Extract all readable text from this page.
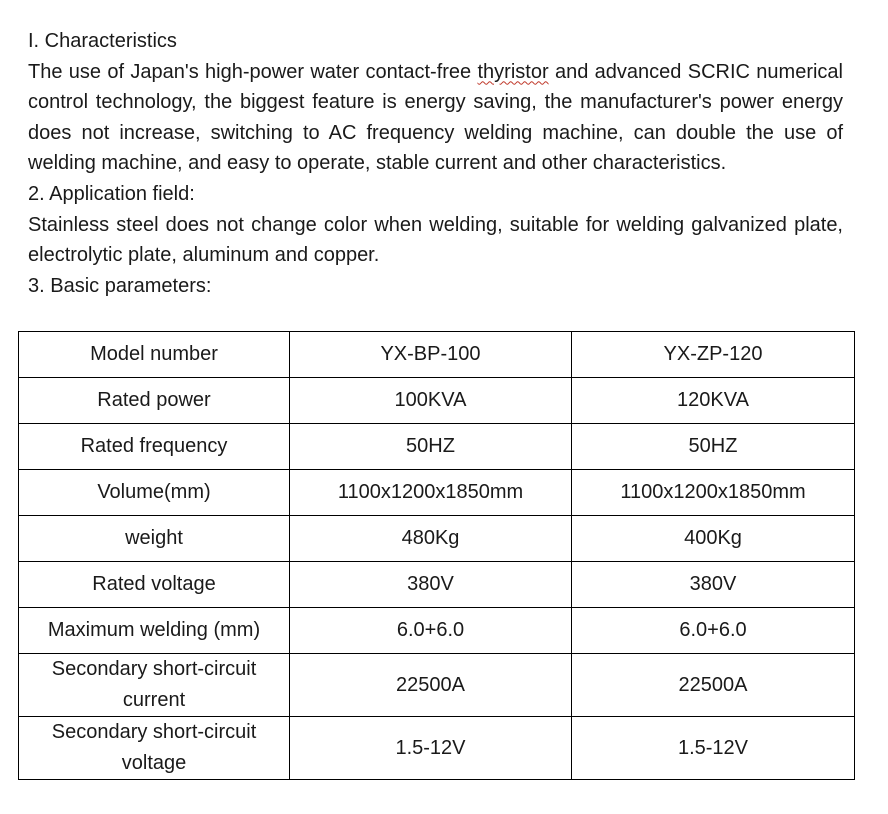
I. Characteristics

The use of Japan's high-power water contact-free thyristor and advanced SCRIC numerical control technology, the biggest feature is energy saving, the manufacturer's power energy does not increase, switching to AC frequency welding machine, can double the use of welding machine, and easy to operate, stable current and other characteristics.

2. Application field:

Stainless steel does not change color when welding, suitable for welding galvanized plate, electrolytic plate, aluminum and copper.

3. Basic parameters:
Model number	YX-BP-100	YX-ZP-120
Rated power	100KVA	120KVA
Rated frequency	50HZ	50HZ
Volume(mm)	1100x1200x1850mm	1100x1200x1850mm
weight	480Kg	400Kg
Rated voltage	380V	380V
Maximum welding (mm)	6.0+6.0	6.0+6.0
Secondary short-circuit current	22500A	22500A
Secondary short-circuit voltage	1.5-12V	1.5-12V
